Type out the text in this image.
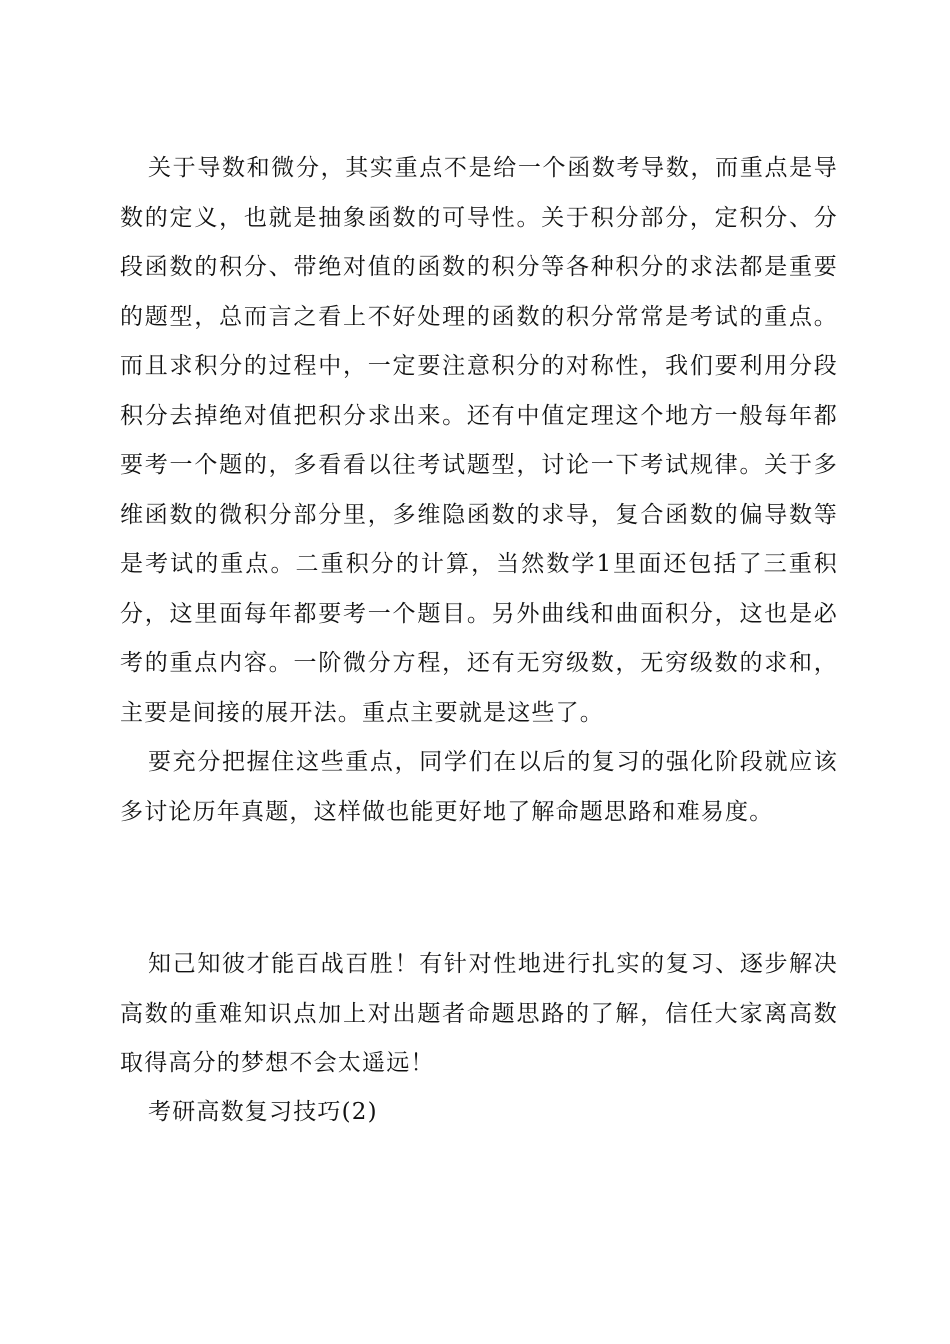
关于导数和微分，其实重点不是给一个函数考导数，而重点是导数的定义，也就是抽象函数的可导性。关于积分部分，定积分、分段函数的积分、带绝对值的函数的积分等各种积分的求法都是重要的题型，总而言之看上不好处理的函数的积分常常是考试的重点。而且求积分的过程中，一定要注意积分的对称性，我们要利用分段积分去掉绝对值把积分求出来。还有中值定理这个地方一般每年都要考一个题的，多看看以往考试题型，讨论一下考试规律。关于多维函数的微积分部分里，多维隐函数的求导，复合函数的偏导数等是考试的重点。二重积分的计算，当然数学1里面还包括了三重积分，这里面每年都要考一个题目。另外曲线和曲面积分，这也是必考的重点内容。一阶微分方程，还有无穷级数，无穷级数的求和，主要是间接的展开法。重点主要就是这些了。

要充分把握住这些重点，同学们在以后的复习的强化阶段就应该多讨论历年真题，这样做也能更好地了解命题思路和难易度。

知己知彼才能百战百胜！有针对性地进行扎实的复习、逐步解决高数的重难知识点加上对出题者命题思路的了解，信任大家离高数取得高分的梦想不会太遥远！

考研高数复习技巧(2)
